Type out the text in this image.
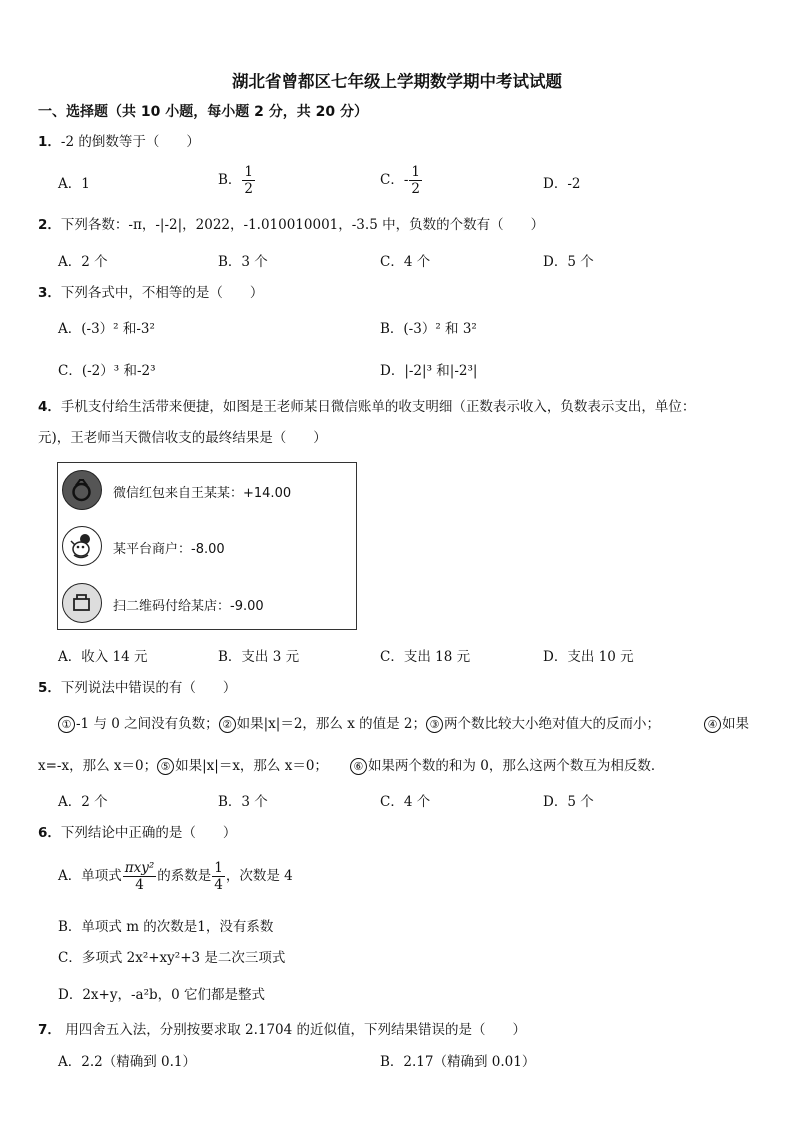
湖北省曾都区七年级上学期数学期中考试试题
一、选择题（共 10 小题，每小题 2 分，共 20 分）
1．-2 的倒数等于（　　）
A．1	B． $\frac{1}{2}$	C．- $\frac{1}{2}$	D．-2
2．下列各数：-π，-|-2|，2022，-1.010010001，-3.5 中，负数的个数有（　　）
A．2 个	B．3 个	C．4 个	D．5 个
3．下列各式中，不相等的是（　　）
A．(-3）² 和-3²	B．(-3）² 和 3²
C．(-2）³ 和-2³	D．|-2|³ 和|-2³|
4．手机支付给生活带来便捷，如图是王老师某日微信账单的收支明细（正数表示收入，负数表示支出，单位：
元)，王老师当天微信收支的最终结果是（　　）
微信红包来自王某某：+14.00
某平台商户：-8.00
扫二维码付给某店：-9.00
A．收入 14 元	B．支出 3 元	C．支出 18 元	D．支出 10 元
5．下列说法中错误的有（　　）
① -1 与 0 之间没有负数； ② 如果|x|＝2，那么 x 的值是 2； ③ 两个数比较大小绝对值大的反而小；	④ 如果
x=-x，那么 x＝0； ⑤ 如果|x|＝x，那么 x＝0； ⑥ 如果两个数的和为 0，那么这两个数互为相反数．
A．2 个	B．3 个	C．4 个	D．5 个
6．下列结论中正确的是（　　）
A．单项式 $\frac{\text{πxy²}}{4}$ 的系数是 $\frac{1}{4}$ ，次数是 4
B．单项式 m 的次数是1，没有系数
C．多项式 2x²+xy²+3 是二次三项式
D．2x+y，-a²b，0 它们都是整式
7． 用四舍五入法，分别按要求取 2.1704 的近似值，下列结果错误的是（　　）
A．2.2（精确到 0.1）	B．2.17（精确到 0.01）
